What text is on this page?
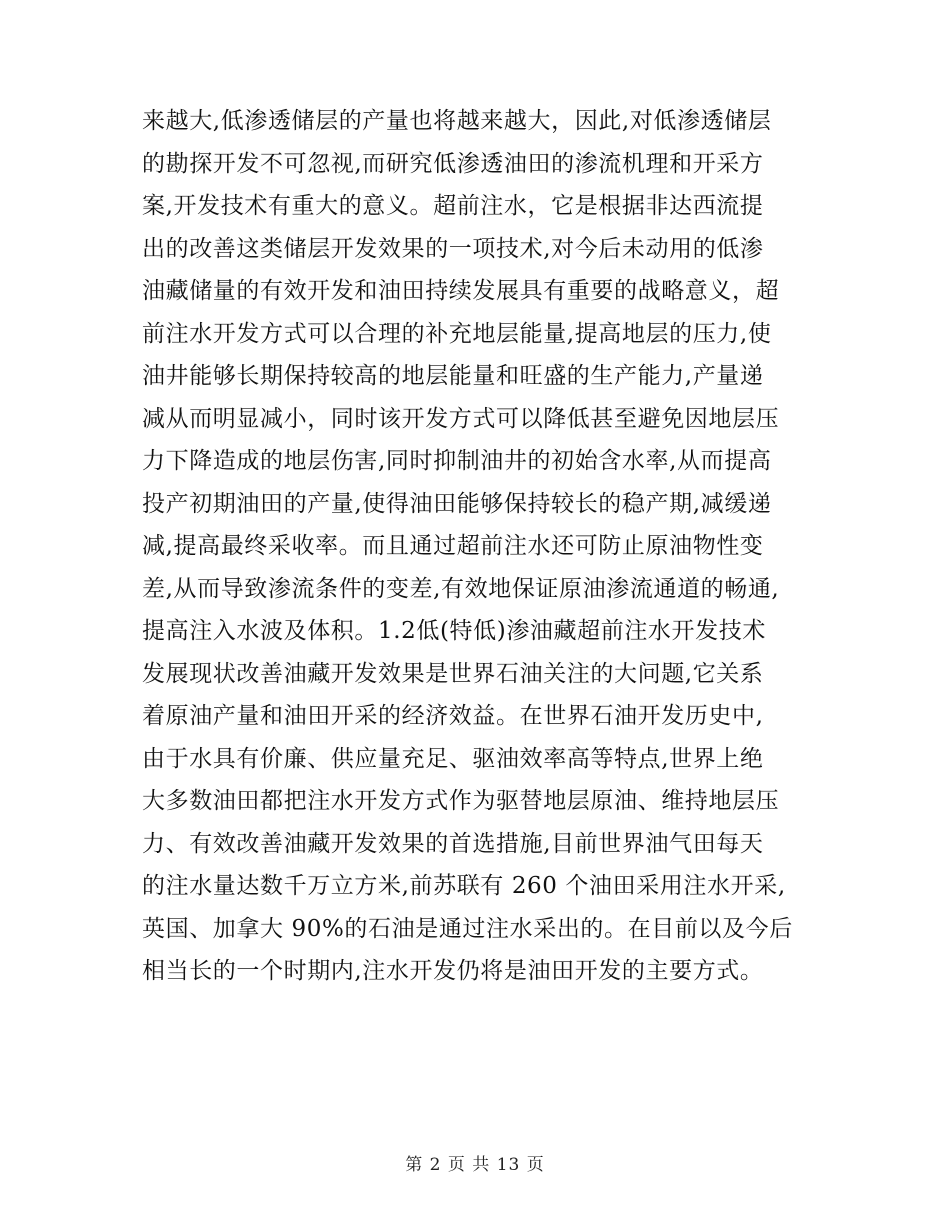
来越大,低渗透储层的产量也将越来越大，因此,对低渗透储层
的勘探开发不可忽视,而研究低渗透油田的渗流机理和开采方
案,开发技术有重大的意义。超前注水，它是根据非达西流提
出的改善这类储层开发效果的一项技术,对今后未动用的低渗
油藏储量的有效开发和油田持续发展具有重要的战略意义，超
前注水开发方式可以合理的补充地层能量,提高地层的压力,使
油井能够长期保持较高的地层能量和旺盛的生产能力,产量递
减从而明显减小，同时该开发方式可以降低甚至避免因地层压
力下降造成的地层伤害,同时抑制油井的初始含水率,从而提高
投产初期油田的产量,使得油田能够保持较长的稳产期,减缓递
减,提高最终采收率。而且通过超前注水还可防止原油物性变
差,从而导致渗流条件的变差,有效地保证原油渗流通道的畅通,
提高注入水波及体积。1.2低(特低)渗油藏超前注水开发技术
发展现状改善油藏开发效果是世界石油关注的大问题,它关系
着原油产量和油田开采的经济效益。在世界石油开发历史中,
由于水具有价廉、供应量充足、驱油效率高等特点,世界上绝
大多数油田都把注水开发方式作为驱替地层原油、维持地层压
力、有效改善油藏开发效果的首选措施,目前世界油气田每天
的注水量达数千万立方米,前苏联有 260 个油田采用注水开采,
英国、加拿大 90%的石油是通过注水采出的。在目前以及今后
相当长的一个时期内,注水开发仍将是油田开发的主要方式。
第 2 页 共 13 页
